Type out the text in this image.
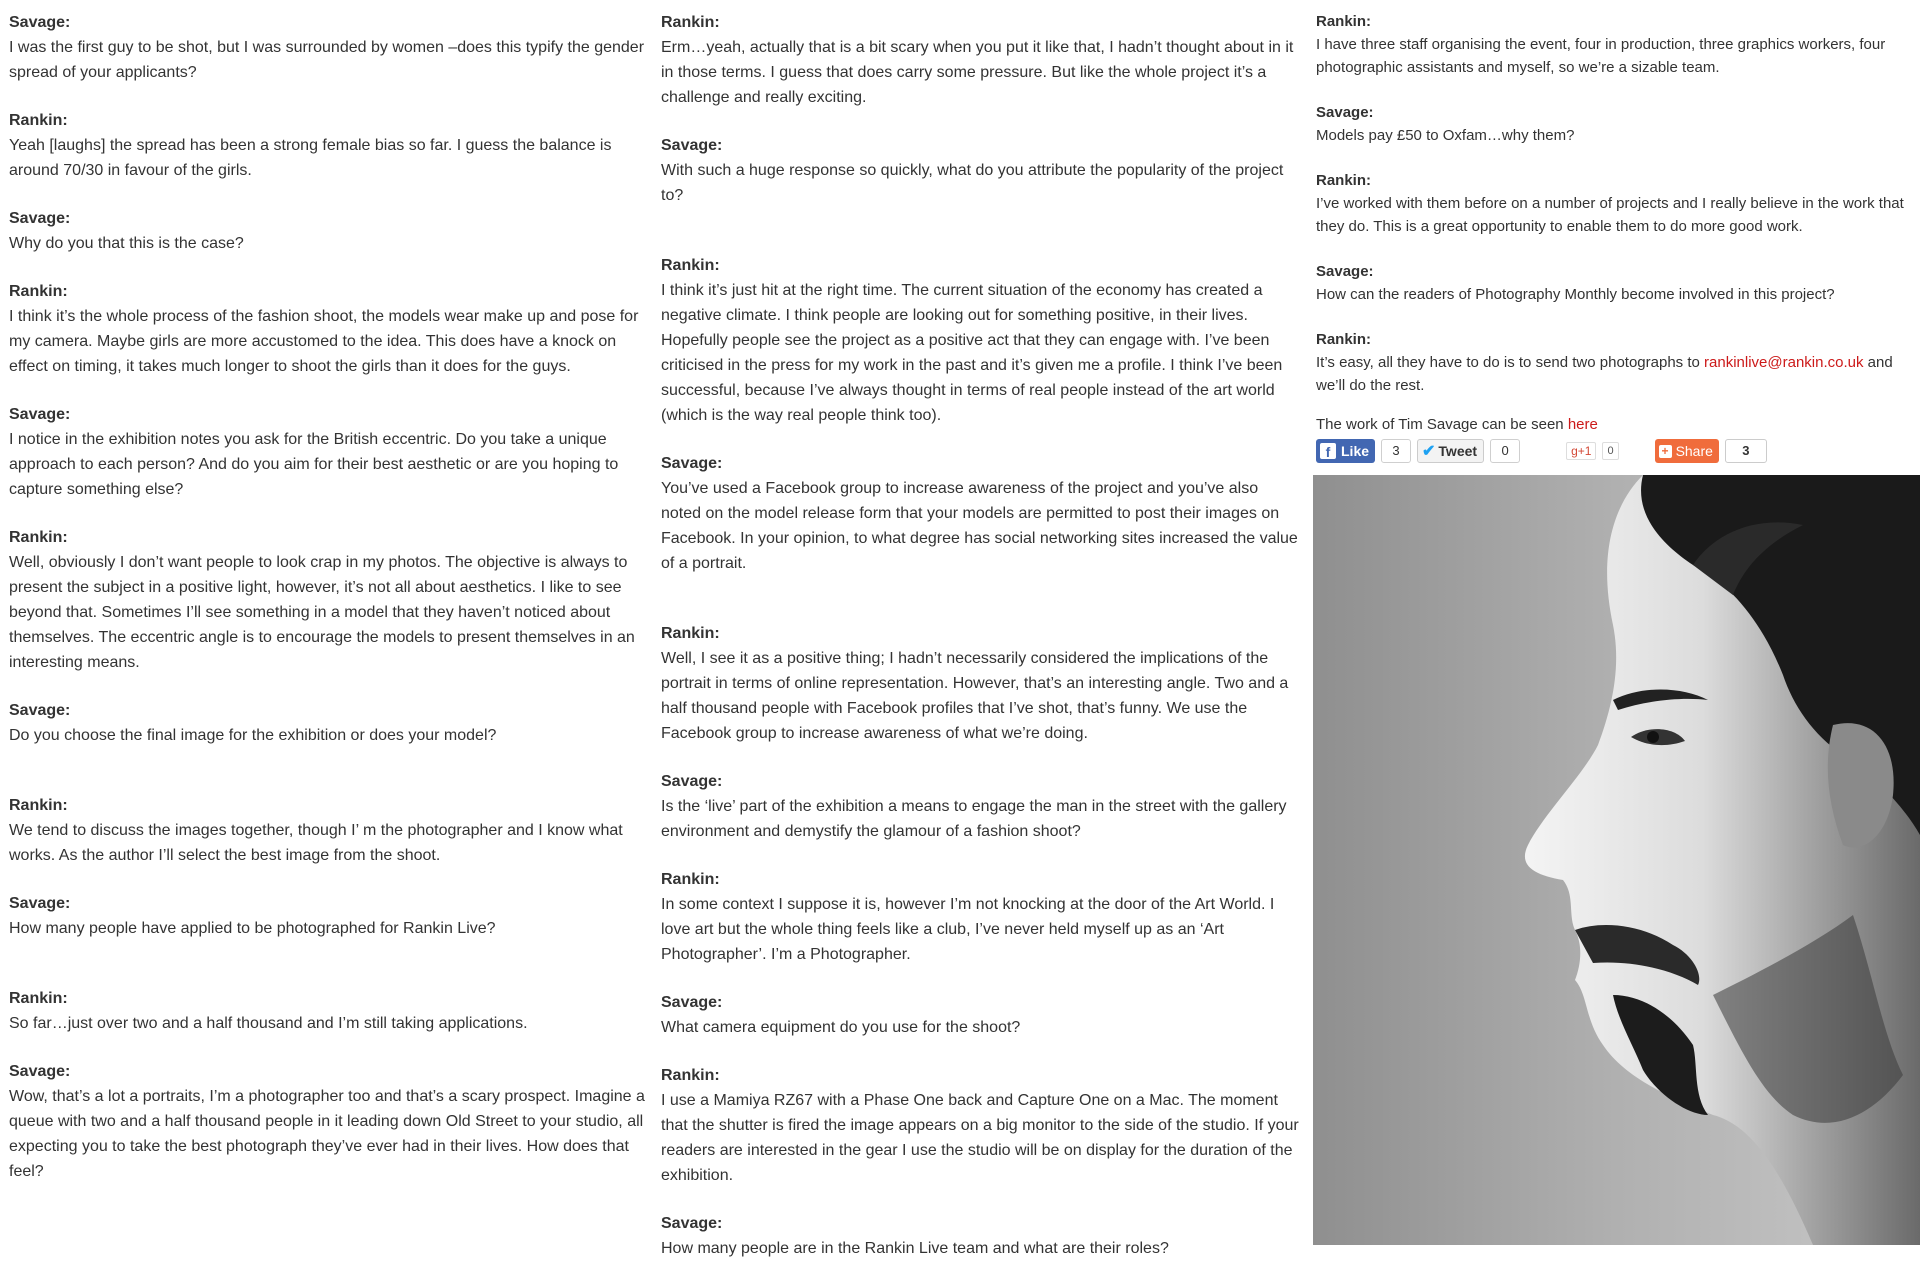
Savage:
I was the first guy to be shot, but I was surrounded by women –does this typify the gender spread of your applicants?
Rankin:
Yeah [laughs] the spread has been a strong female bias so far. I guess the balance is around 70/30 in favour of the girls.
Savage:
Why do you that this is the case?
Rankin:
I think it’s the whole process of the fashion shoot, the models wear make up and pose for my camera. Maybe girls are more accustomed to the idea. This does have a knock on effect on timing, it takes much longer to shoot the girls than it does for the guys.
Savage:
I notice in the exhibition notes you ask for the British eccentric. Do you take a unique approach to each person? And do you aim for their best aesthetic or are you hoping to capture something else?
Rankin:
Well, obviously I don’t want people to look crap in my photos. The objective is always to present the subject in a positive light, however, it’s not all about aesthetics. I like to see beyond that. Sometimes I’ll see something in a model that they haven’t noticed about themselves. The eccentric angle is to encourage the models to present themselves in an interesting means.
Savage:
Do you choose the final image for the exhibition or does your model?
Rankin:
We tend to discuss the images together, though I’ m the photographer and I know what works. As the author I’ll select the best image from the shoot.
Savage:
How many people have applied to be photographed for Rankin Live?
Rankin:
So far…just over two and a half thousand and I’m still taking applications.
Savage:
Wow, that’s a lot a portraits, I’m a photographer too and that’s a scary prospect. Imagine a queue with two and a half thousand people in it leading down Old Street to your studio, all expecting you to take the best photograph they’ve ever had in their lives. How does that feel?
Rankin:
Erm…yeah, actually that is a bit scary when you put it like that, I hadn’t thought about in it in those terms. I guess that does carry some pressure. But like the whole project it’s a challenge and really exciting.
Savage:
With such a huge response so quickly, what do you attribute the popularity of the project to?
Rankin:
I think it’s just hit at the right time. The current situation of the economy has created a negative climate. I think people are looking out for something positive, in their lives. Hopefully people see the project as a positive act that they can engage with. I’ve been criticised in the press for my work in the past and it’s given me a profile. I think I’ve been successful, because I’ve always thought in terms of real people instead of the art world (which is the way real people think too).
Savage:
You’ve used a Facebook group to increase awareness of the project and you’ve also noted on the model release form that your models are permitted to post their images on Facebook. In your opinion, to what degree has social networking sites increased the value of a portrait.
Rankin:
Well, I see it as a positive thing; I hadn’t necessarily considered the implications of the portrait in terms of online representation. However, that’s an interesting angle. Two and a half thousand people with Facebook profiles that I’ve shot, that’s funny. We use the Facebook group to increase awareness of what we’re doing.
Savage:
Is the ‘live’ part of the exhibition a means to engage the man in the street with the gallery environment and demystify the glamour of a fashion shoot?
Rankin:
In some context I suppose it is, however I’m not knocking at the door of the Art World. I love art but the whole thing feels like a club, I’ve never held myself up as an ‘Art Photographer’. I’m a Photographer.
Savage:
What camera equipment do you use for the shoot?
Rankin:
I use a Mamiya RZ67 with a Phase One back and Capture One on a Mac. The moment that the shutter is fired the image appears on a big monitor to the side of the studio. If your readers are interested in the gear I use the studio will be on display for the duration of the exhibition.
Savage:
How many people are in the Rankin Live team and what are their roles?
Rankin:
I have three staff organising the event, four in production, three graphics workers, four photographic assistants and myself, so we’re a sizable team.
Savage:
Models pay £50 to Oxfam…why them?
Rankin:
I’ve worked with them before on a number of projects and I really believe in the work that they do. This is a great opportunity to enable them to do more good work.
Savage:
How can the readers of Photography Monthly become involved in this project?
Rankin:
It’s easy, all they have to do is to send two photographs to rankinlive@rankin.co.uk and we’ll do the rest.
The work of Tim Savage can be seen here
f Like	3	✔ Tweet	0	g+1	0	+ Share	3
